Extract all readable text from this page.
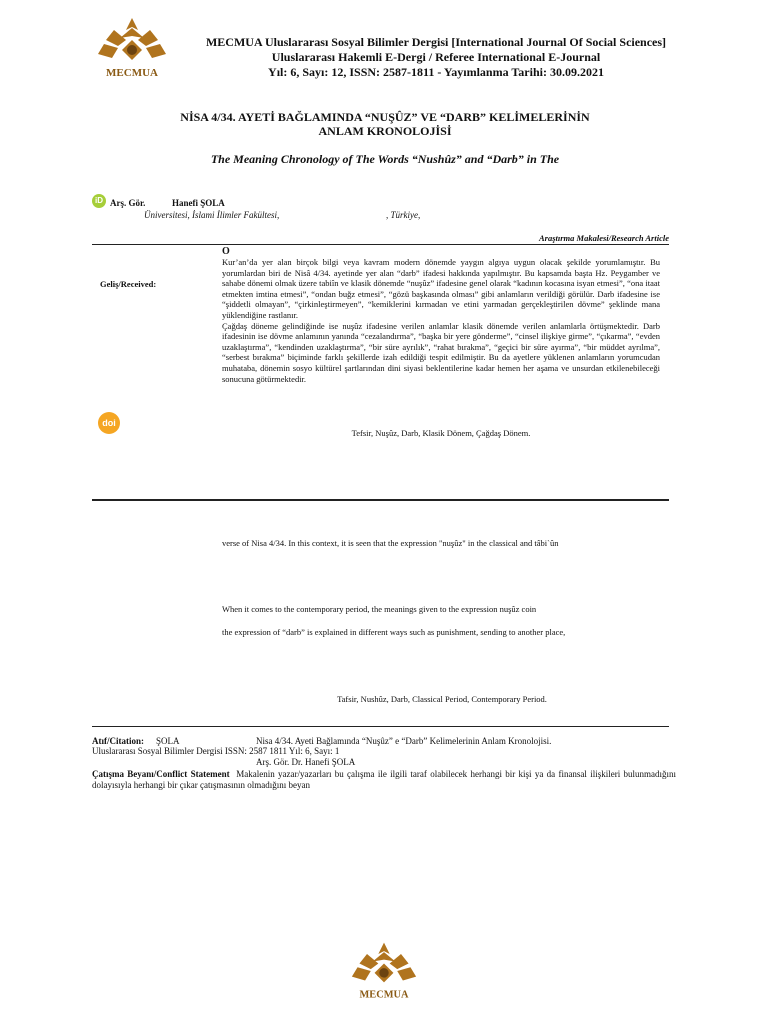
MECMUA
MECMUA Uluslararası Sosyal Bilimler Dergisi [International Journal Of Social Sciences]
Uluslararası Hakemli E-Dergi / Referee International E-Journal
Yıl: 6, Sayı: 12, ISSN: 2587-1811 - Yayımlanma Tarihi: 30.09.2021
NİSA 4/34. AYETİ BAĞLAMINDA “NUŞÛZ” VE “DARB” KELİMELERİNİN
ANLAM KRONOLOJİSİ
The Meaning Chronology of The Words “Nushûz” and “Darb” in The
iD Arş. Gör.	Hanefi ŞOLA
Üniversitesi, İslami İlimler Fakültesi,	, Türkiye,
Araştırma Makalesi/Research Article
Geliş/Received:
doi
O
Kur’an’da yer alan birçok bilgi veya kavram modern dönemde yaygın algıya uygun olacak şekilde yorumlamıştır. Bu yorumlardan biri de Nisâ 4/34. ayetinde yer alan “darb” ifadesi hakkında yapılmıştır. Bu kapsamda başta Hz. Peygamber ve sahabe dönemi olmak üzere tabiîn ve klasik dönemde “nuşûz” ifadesine genel olarak “kadının kocasına isyan etmesi”, “ona itaat etmekten imtina etmesi”, “ondan buğz etmesi”, “gözü başkasında olması” gibi anlamların verildiği görülür. Darb ifadesine ise “şiddetli olmayan”, “çirkinleştirmeyen”, “kemiklerini kırmadan ve etini yarmadan gerçekleştirilen dövme” şeklinde mana yüklendiğine rastlanır.
Çağdaş döneme gelindiğinde ise nuşûz ifadesine verilen anlamlar klasik dönemde verilen anlamlarla örtüşmektedir. Darb ifadesinin ise dövme anlamının yanında “cezalandırma”, “başka bir yere gönderme”, “cinsel ilişkiye girme”, “çıkarma”, “evden uzaklaştırma”, “kendinden uzaklaştırma”, “bir süre ayrılık”, “rahat bırakma”, “geçici bir süre ayırma”, “bir müddet ayrılma”, “serbest bırakma” biçiminde farklı şekillerde izah edildiği tespit edilmiştir. Bu da ayetlere yüklenen anlamların yorumcudan muhataba, dönemin sosyo kültürel şartlarından dini siyasi beklentilerine kadar hemen her aşama ve unsurdan etkilenebileceği sonucuna götürmektedir.
Tefsir, Nuşûz, Darb, Klasik Dönem, Çağdaş Dönem.
verse of Nisa 4/34. In this context, it is seen that the expression "nuşûz" in the classical and tâbi`ûn
When it comes to the contemporary period, the meanings given to the expression nuşûz coin
the expression of “darb” is explained in different ways such as punishment, sending to another place,
Tafsir, Nushûz, Darb, Classical Period, Contemporary Period.
Atıf/Citation: ŞOLA	Nisa 4/34. Ayeti Bağlamında “Nuşûz” e “Darb” Kelimelerinin Anlam Kronolojisi.
Uluslararası Sosyal Bilimler Dergisi ISSN: 2587 1811 Yıl: 6, Sayı: 1
Arş. Gör. Dr. Hanefi ŞOLA
Çatışma Beyanı/Conflict Statement Makalenin yazar/yazarları bu çalışma ile ilgili taraf olabilecek herhangi bir kişi ya da finansal ilişkileri bulunmadığını dolayısıyla herhangi bir çıkar çatışmasının olmadığını beyan
MECMUA
